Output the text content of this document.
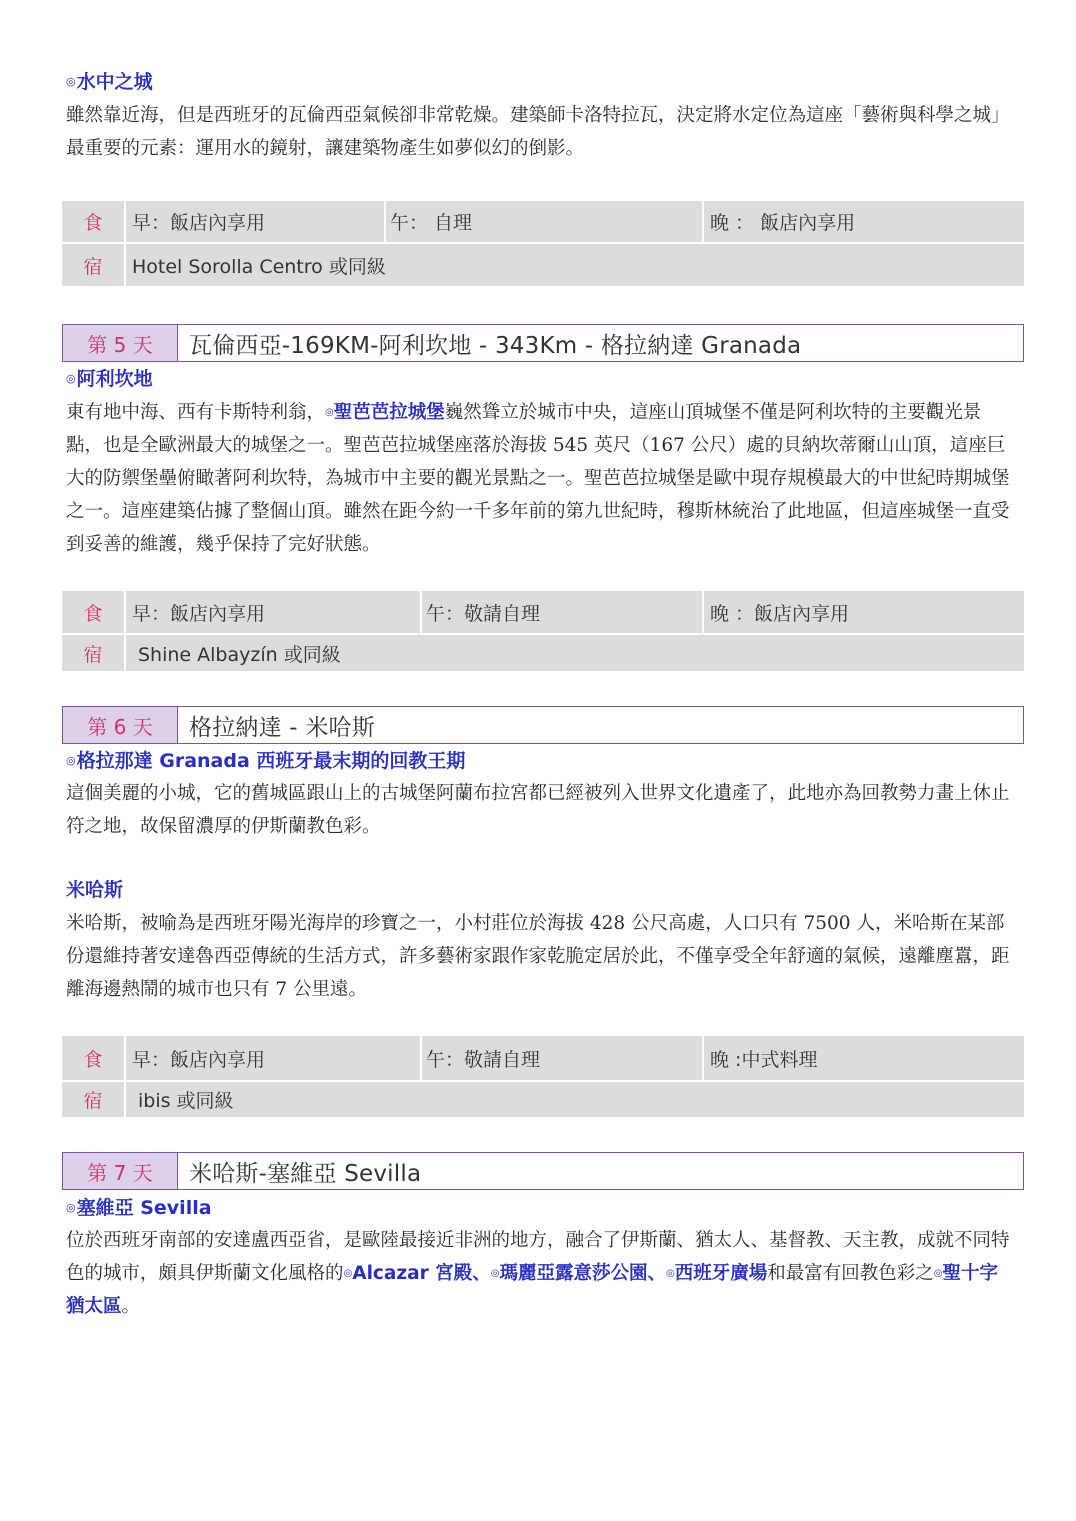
◎水中之城

雖然靠近海，但是西班牙的瓦倫西亞氣候卻非常乾燥。建築師卡洛特拉瓦，決定將水定位為這座「藝術與科學之城」最重要的元素：運用水的鏡射，讓建築物產生如夢似幻的倒影。

食	早：飯店內享用	午： 自理	晚 ： 飯店內享用
宿	Hotel Sorolla Centro 或同級
第 5 天	瓦倫西亞-169KM-阿利坎地 - 343Km - 格拉納達 Granada
◎阿利坎地

東有地中海、西有卡斯特利翁，◎聖芭芭拉城堡巍然聳立於城市中央，這座山頂城堡不僅是阿利坎特的主要觀光景點，也是全歐洲最大的城堡之一。聖芭芭拉城堡座落於海拔 545 英尺（167 公尺）處的貝納坎蒂爾山山頂，這座巨大的防禦堡壘俯瞰著阿利坎特，為城市中主要的觀光景點之一。聖芭芭拉城堡是歐中現存規模最大的中世紀時期城堡之一。這座建築佔據了整個山頂。雖然在距今約一千多年前的第九世紀時，穆斯林統治了此地區，但這座城堡一直受到妥善的維護，幾乎保持了完好狀態。

食	早：飯店內享用	午：敬請自理	晚 ：飯店內享用
宿	Shine Albayzín 或同級
第 6 天	格拉納達 - 米哈斯
◎格拉那達 Granada 西班牙最末期的回教王期

這個美麗的小城，它的舊城區跟山上的古城堡阿蘭布拉宮都已經被列入世界文化遺產了，此地亦為回教勢力畫上休止符之地，故保留濃厚的伊斯蘭教色彩。

米哈斯

米哈斯，被喻為是西班牙陽光海岸的珍寶之一，小村莊位於海拔 428 公尺高處，人口只有 7500 人，米哈斯在某部份還維持著安達魯西亞傳統的生活方式，許多藝術家跟作家乾脆定居於此，不僅享受全年舒適的氣候，遠離塵囂，距離海邊熱鬧的城市也只有 7 公里遠。

食	早：飯店內享用	午：敬請自理	晚 :中式料理
宿	ibis 或同級
第 7 天	米哈斯-塞維亞 Sevilla
◎塞維亞 Sevilla

位於西班牙南部的安達盧西亞省，是歐陸最接近非洲的地方，融合了伊斯蘭、猶太人、基督教、天主教，成就不同特色的城市，頗具伊斯蘭文化風格的◎Alcazar 宮殿、◎瑪麗亞露意莎公園、◎西班牙廣場和最富有回教色彩之◎聖十字猶太區。
